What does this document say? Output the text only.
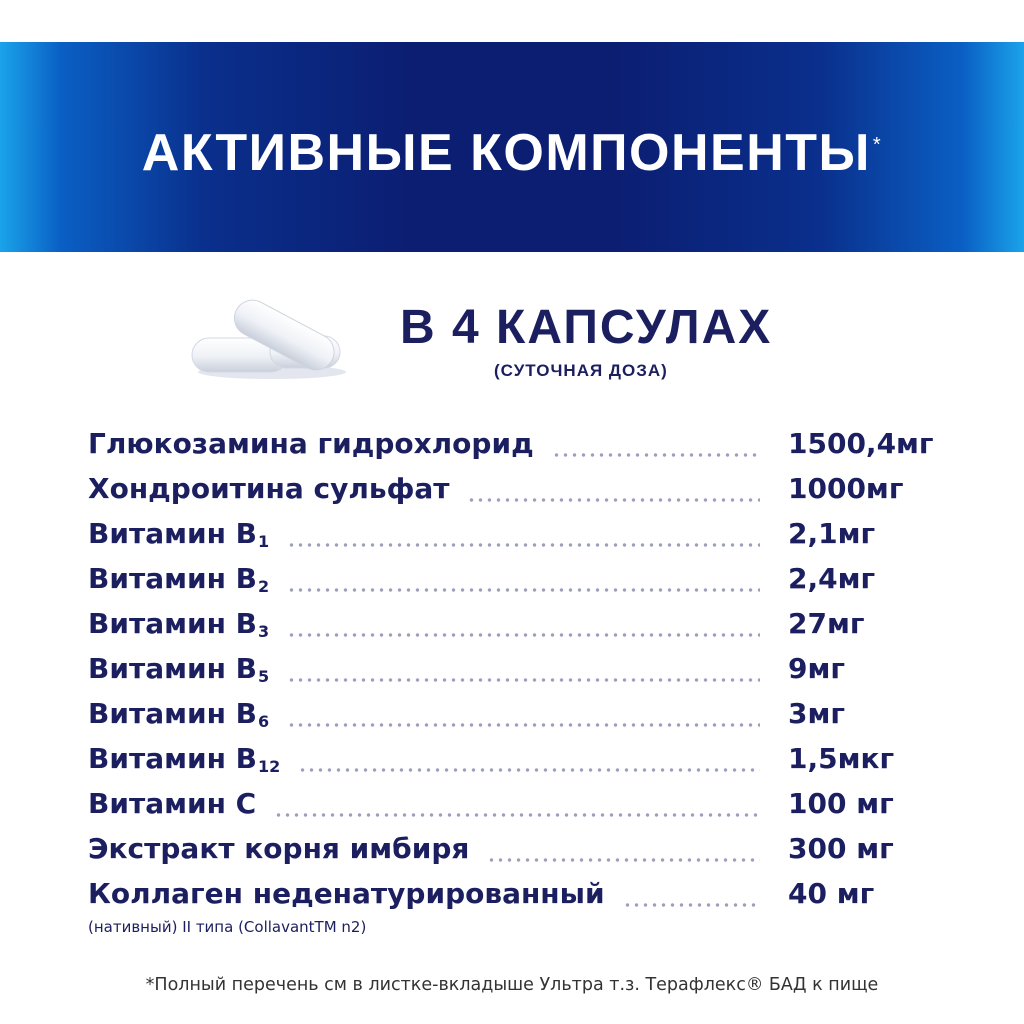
АКТИВНЫЕ КОМПОНЕНТЫ *
В 4 КАПСУЛАХ
(СУТОЧНАЯ ДОЗА)
Глюкозамина гидрохлорид	1500,4мг
Хондроитина сульфат	1000мг
Витамин $В_1$	2,1мг
Витамин $В_2$	2,4мг
Витамин $В_3$	27мг
Витамин $В_5$	9мг
Витамин $В_6$	3мг
Витамин $В_{12}$	1,5мкг
Витамин С	100 мг
Экстракт корня имбиря	300 мг
Коллаген неденатурированный	40 мг
(нативный) II типа (CollavantTM n2)
*Полный перечень см в листке-вкладыше Ультра т.з. Терафлекс® БАД к пище
